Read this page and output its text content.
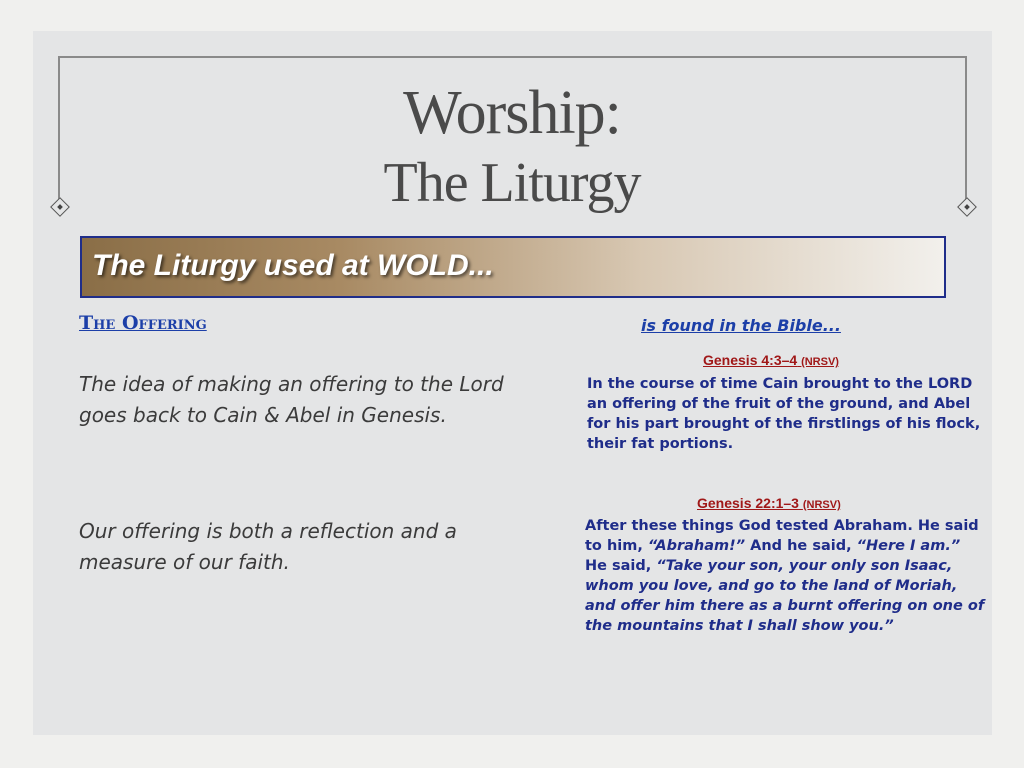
Worship:
The Liturgy
The Liturgy used at WOLD...
The Offering
The idea of making an offering to the Lord goes back to Cain & Abel in Genesis.
Our offering is both a reflection and a measure of our faith.
is found in the Bible...
Genesis 4:3–4 (NRSV)
In the course of time Cain brought to the LORD an offering of the fruit of the ground, and Abel for his part brought of the firstlings of his flock, their fat portions.
Genesis 22:1–3 (NRSV)
After these things God tested Abraham. He said to him, “Abraham!” And he said, “Here I am.” He said, “Take your son, your only son Isaac, whom you love, and go to the land of Moriah, and offer him there as a burnt offering on one of the mountains that I shall show you.”
